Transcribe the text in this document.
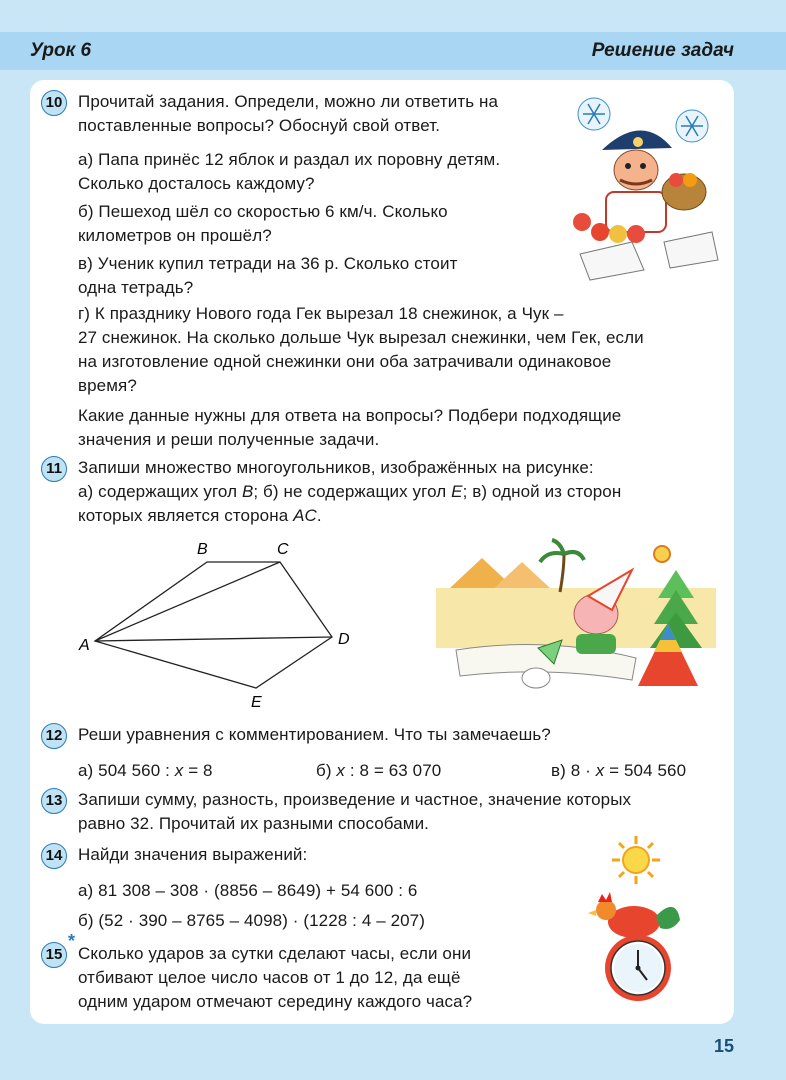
Урок 6	Решение задач
10 Прочитай задания. Определи, можно ли ответить на
поставленные вопросы? Обоснуй свой ответ.
а) Папа принёс 12 яблок и раздал их поровну детям.
Сколько досталось каждому?
б) Пешеход шёл со скоростью 6 км/ч. Сколько
километров он прошёл?
в) Ученик купил тетради на 36 р. Сколько стоит
одна тетрадь?
г) К празднику Нового года Гек вырезал 18 снежинок, а Чук –
27 снежинок. На сколько дольше Чук вырезал снежинки, чем Гек, если
на изготовление одной снежинки они оба затрачивали одинаковое
время?
Какие данные нужны для ответа на вопросы? Подбери подходящие
значения и реши полученные задачи.
11 Запиши множество многоугольников, изображённых на рисунке:
а) содержащих угол B; б) не содержащих угол E; в) одной из сторон
которых является сторона AC.
A
B	C
D
E
12 Реши уравнения с комментированием. Что ты замечаешь?
а) 504 560 : x = 8	б) x : 8 = 63 070	в) 8 · x = 504 560
13 Запиши сумму, разность, произведение и частное, значение которых
равно 32. Прочитай их разными способами.
14 Найди значения выражений:
а) 81 308 – 308 · (8856 – 8649) + 54 600 : 6
б) (52 · 390 – 8765 – 4098) · (1228 : 4 – 207)
15
*
Сколько ударов за сутки сделают часы, если они
отбивают целое число часов от 1 до 12, да ещё
одним ударом отмечают середину каждого часа?
15
